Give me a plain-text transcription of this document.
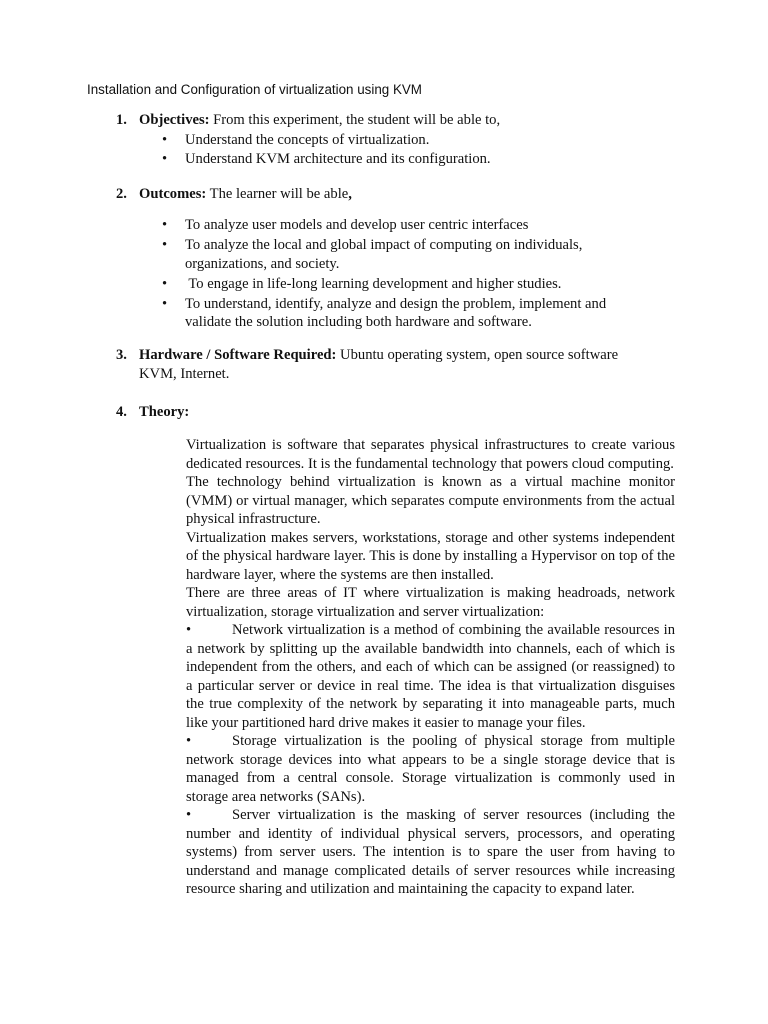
Installation and Configuration of virtualization using KVM
1. Objectives: From this experiment, the student will be able to,
• Understand the concepts of virtualization.
• Understand KVM architecture and its configuration.
2. Outcomes: The learner will be able,
• To analyze user models and develop user centric interfaces
• To analyze the local and global impact of computing on individuals, organizations, and society.
• To engage in life-long learning development and higher studies.
• To understand, identify, analyze and design the problem, implement and validate the solution including both hardware and software.
3. Hardware / Software Required: Ubuntu operating system, open source software KVM, Internet.
4. Theory:

Virtualization is software that separates physical infrastructures to create various dedicated resources. It is the fundamental technology that powers cloud computing.

The technology behind virtualization is known as a virtual machine monitor (VMM) or virtual manager, which separates compute environments from the actual physical infrastructure.

Virtualization makes servers, workstations, storage and other systems independent of the physical hardware layer. This is done by installing a Hypervisor on top of the hardware layer, where the systems are then installed.

There are three areas of IT where virtualization is making headroads, network virtualization, storage virtualization and server virtualization:

•	Network virtualization is a method of combining the available resources in a network by splitting up the available bandwidth into channels, each of which is independent from the others, and each of which can be assigned (or reassigned) to a particular server or device in real time. The idea is that virtualization disguises the true complexity of the network by separating it into manageable parts, much like your partitioned hard drive makes it easier to manage your files.

•	Storage virtualization is the pooling of physical storage from multiple network storage devices into what appears to be a single storage device that is managed from a central console. Storage virtualization is commonly used in storage area networks (SANs).

•	Server virtualization is the masking of server resources (including the number and identity of individual physical servers, processors, and operating systems) from server users. The intention is to spare the user from having to understand and manage complicated details of server resources while increasing resource sharing and utilization and maintaining the capacity to expand later.
